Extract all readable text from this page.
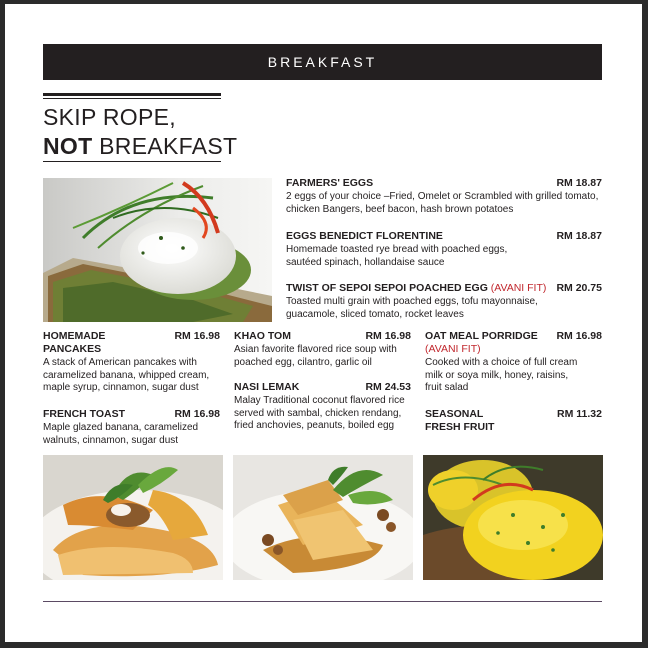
BREAKFAST
SKIP ROPE,
NOT BREAKFAST
FARMERS' EGGS	RM 18.87
2 eggs of your choice –Fried, Omelet or Scrambled with grilled tomato, chicken Bangers, beef bacon, hash brown potatoes
EGGS BENEDICT FLORENTINE	RM 18.87
Homemade toasted rye bread with poached eggs, sautéed spinach, hollandaise sauce
TWIST OF SEPOI SEPOI POACHED EGG (AVANI FIT) RM 20.75
Toasted multi grain with poached eggs, tofu mayonnaise, guacamole, sliced tomato, rocket leaves
HOMEMADE
PANCAKES
RM 16.98
A stack of American pancakes with caramelized banana, whipped cream, maple syrup, cinnamon, sugar dust
FRENCH TOAST	RM 16.98
Maple glazed banana, caramelized walnuts, cinnamon, sugar dust
KHAO TOM	RM 16.98
Asian favorite flavored rice soup with poached egg, cilantro, garlic oil
NASI LEMAK	RM 24.53
Malay Traditional coconut flavored rice served with sambal, chicken rendang, fried anchovies, peanuts, boiled egg
OAT MEAL PORRIDGE	RM 16.98
(AVANI FIT)
Cooked with a choice of full cream milk or soya milk, honey, raisins, fruit salad
SEASONAL
FRESH FRUIT
RM 11.32
